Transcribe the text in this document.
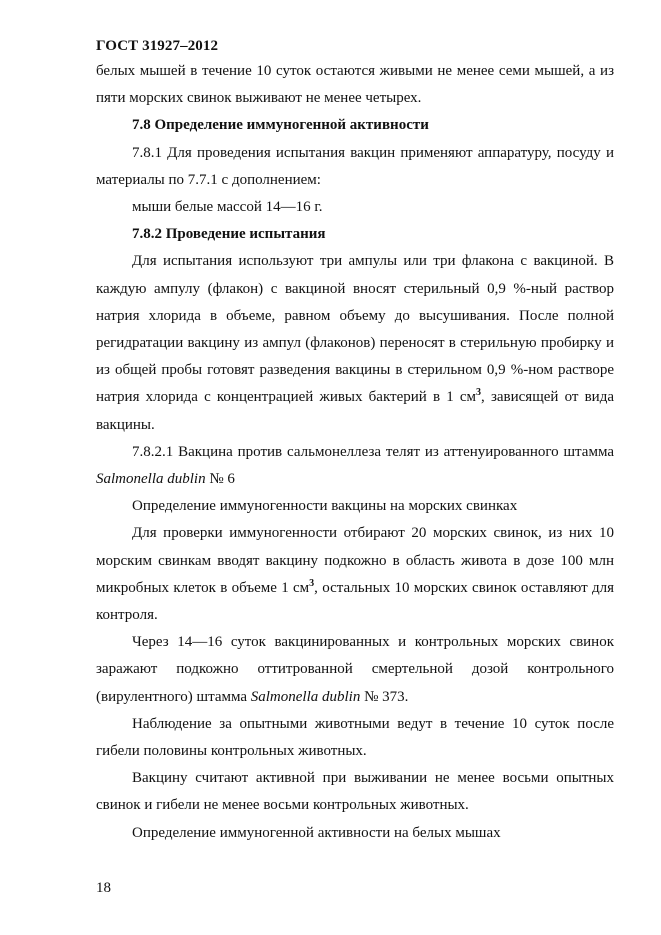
ГОСТ 31927–2012

белых мышей в течение 10 суток остаются живыми не менее семи мышей, а из пяти морских свинок выживают не менее четырех.

7.8 Определение иммуногенной активности

7.8.1 Для проведения испытания вакцин применяют аппаратуру, посуду и материалы по 7.7.1 с дополнением:

мыши белые массой 14—16 г.

7.8.2 Проведение испытания

Для испытания используют три ампулы или три флакона с вакциной. В каждую ампулу (флакон) с вакциной вносят стерильный 0,9 %-ный раствор натрия хлорида в объеме, равном объему до высушивания. После полной регидратации вакцину из ампул (флаконов) переносят в стерильную пробирку и из общей пробы готовят разведения вакцины в стерильном 0,9 %-ном растворе натрия хлорида с концентрацией живых бактерий в 1 $см^3$, зависящей от вида вакцины.

7.8.2.1 Вакцина против сальмонеллеза телят из аттенуированного штамма Salmonella dublin № 6

Определение иммуногенности вакцины на морских свинках

Для проверки иммуногенности отбирают 20 морских свинок, из них 10 морским свинкам вводят вакцину подкожно в область живота в дозе 100 млн микробных клеток в объеме 1 $см^3$, остальных 10 морских свинок оставляют для контроля.

Через 14—16 суток вакцинированных и контрольных морских свинок заражают подкожно оттитрованной смертельной дозой контрольного (вирулентного) штамма Salmonella dublin № 373.

Наблюдение за опытными животными ведут в течение 10 суток после гибели половины контрольных животных.

Вакцину считают активной при выживании не менее восьми опытных свинок и гибели не менее восьми контрольных животных.

Определение иммуногенной активности на белых мышах

18
